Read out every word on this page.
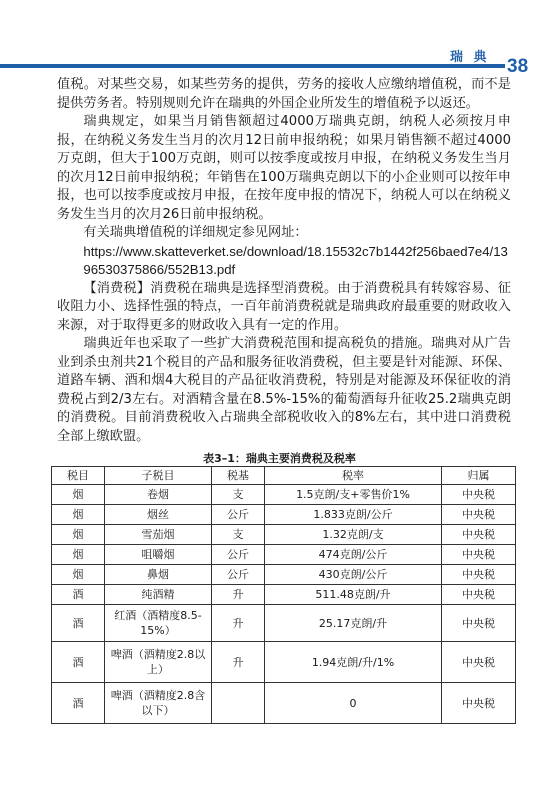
瑞 典 38

值税。对某些交易，如某些劳务的提供，劳务的接收人应缴纳增值税，而不是提供劳务者。特别规则允许在瑞典的外国企业所发生的增值税予以返还。

瑞典规定，如果当月销售额超过4000万瑞典克朗，纳税人必须按月申报，在纳税义务发生当月的次月12日前申报纳税；如果月销售额不超过4000万克朗，但大于100万克朗，则可以按季度或按月申报，在纳税义务发生当月的次月12日前申报纳税；年销售在100万瑞典克朗以下的小企业则可以按年申报，也可以按季度或按月申报，在按年度申报的情况下，纳税人可以在纳税义务发生当月的次月26日前申报纳税。

有关瑞典增值税的详细规定参见网址：

https://www.skatteverket.se/download/18.15532c7b1442f256baed7e4/1396530375866/552B13.pdf

【消费税】消费税在瑞典是选择型消费税。由于消费税具有转嫁容易、征收阻力小、选择性强的特点，一百年前消费税就是瑞典政府最重要的财政收入来源，对于取得更多的财政收入具有一定的作用。

瑞典近年也采取了一些扩大消费税范围和提高税负的措施。瑞典对从广告业到杀虫剂共21个税目的产品和服务征收消费税，但主要是针对能源、环保、道路车辆、酒和烟4大税目的产品征收消费税，特别是对能源及环保征收的消费税占到2/3左右。对酒精含量在8.5%-15%的葡萄酒每升征收25.2瑞典克朗的消费税。目前消费税收入占瑞典全部税收收入的8%左右，其中进口消费税全部上缴欧盟。

表3–1：瑞典主要消费税及税率
税目	子税目	税基	税率	归属
烟	卷烟	支	1.5克朗/支+零售价1%	中央税
烟	烟丝	公斤	1.833克朗/公斤	中央税
烟	雪茄烟	支	1.32克朗/支	中央税
烟	咀嚼烟	公斤	474克朗/公斤	中央税
烟	鼻烟	公斤	430克朗/公斤	中央税
酒	纯酒精	升	511.48克朗/升	中央税
酒	红酒（酒精度8.5-15%）	升	25.17克朗/升	中央税
酒	啤酒（酒精度2.8以上）	升	1.94克朗/升/1%	中央税
酒	啤酒（酒精度2.8含以下）		0	中央税
